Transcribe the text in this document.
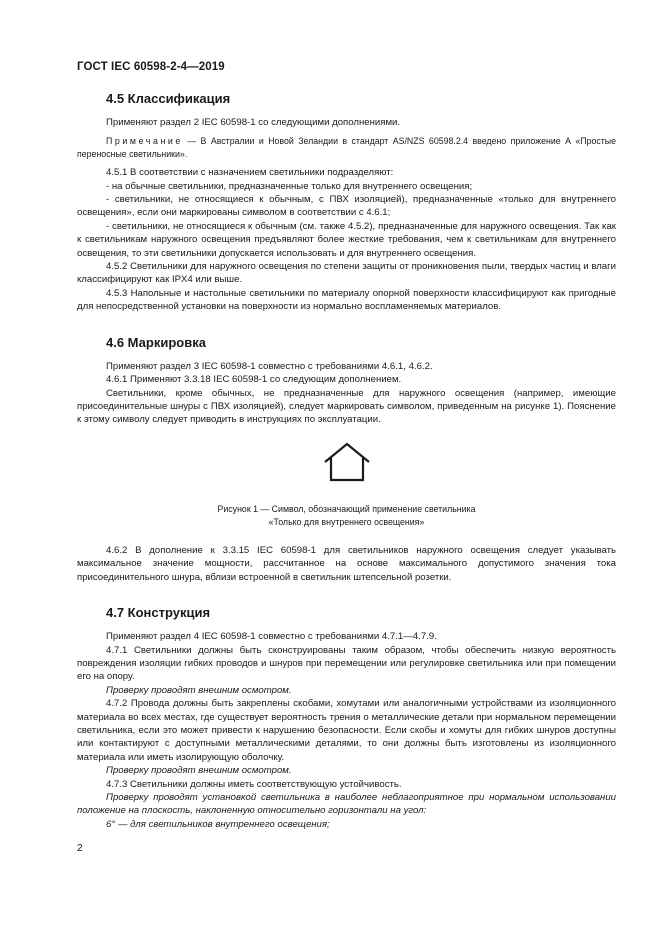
ГОСТ IEC 60598-2-4—2019
4.5 Классификация

Применяют раздел 2 IEC 60598-1 со следующими дополнениями.

Примечание — В Австралии и Новой Зеландии в стандарт AS/NZS 60598.2.4 введено приложение А «Простые переносные светильники».

4.5.1 В соответствии с назначением светильники подразделяют:

- на обычные светильники, предназначенные только для внутреннего освещения;

- светильники, не относящиеся к обычным, с ПВХ изоляцией), предназначенные «только для внутреннего освещения», если они маркированы символом в соответствии с 4.6.1;

- светильники, не относящиеся к обычным (см. также 4.5.2), предназначенные для наружного освещения. Так как к светильникам наружного освещения предъявляют более жесткие требования, чем к светильникам для внутреннего освещения, то эти светильники допускается использовать и для внутреннего освещения.

4.5.2 Светильники для наружного освещения по степени защиты от проникновения пыли, твердых частиц и влаги классифицируют как IPX4 или выше.

4.5.3 Напольные и настольные светильники по материалу опорной поверхности классифицируют как пригодные для непосредственной установки на поверхности из нормально воспламеняемых материалов.

4.6 Маркировка

Применяют раздел 3 IEC 60598-1 совместно с требованиями 4.6.1, 4.6.2.

4.6.1 Применяют 3.3.18 IEC 60598-1 со следующим дополнением.

Светильники, кроме обычных, не предназначенные для наружного освещения (например, имеющие присоединительные шнуры с ПВХ изоляцией), следует маркировать символом, приведенным на рисунке 1). Пояснение к этому символу следует приводить в инструкциях по эксплуатации.

Рисунок 1 — Символ, обозначающий применение светильника
«Только для внутреннего освещения»

4.6.2 В дополнение к 3.3.15 IEC 60598-1 для светильников наружного освещения следует указывать максимальное значение мощности, рассчитанное на основе максимального допустимого значения тока присоединительного шнура, вблизи встроенной в светильник штепсельной розетки.

4.7 Конструкция

Применяют раздел 4 IEC 60598-1 совместно с требованиями 4.7.1—4.7.9.

4.7.1 Светильники должны быть сконструированы таким образом, чтобы обеспечить низкую вероятность повреждения изоляции гибких проводов и шнуров при перемещении или регулировке светильника или при помещении его на опору.

Проверку проводят внешним осмотром.

4.7.2 Провода должны быть закреплены скобами, хомутами или аналогичными устройствами из изоляционного материала во всех местах, где существует вероятность трения о металлические детали при нормальном перемещении светильника, если это может привести к нарушению безопасности. Если скобы и хомуты для гибких шнуров доступны или контактируют с доступными металлическими деталями, то они должны быть изготовлены из изоляционного материала или иметь изолирующую оболочку.

Проверку проводят внешним осмотром.

4.7.3 Светильники должны иметь соответствующую устойчивость.

Проверку проводят установкой светильника в наиболее неблагоприятное при нормальном использовании положение на плоскость, наклоненную относительно горизонтали на угол:

6° — для светильников внутреннего освещения;

2
